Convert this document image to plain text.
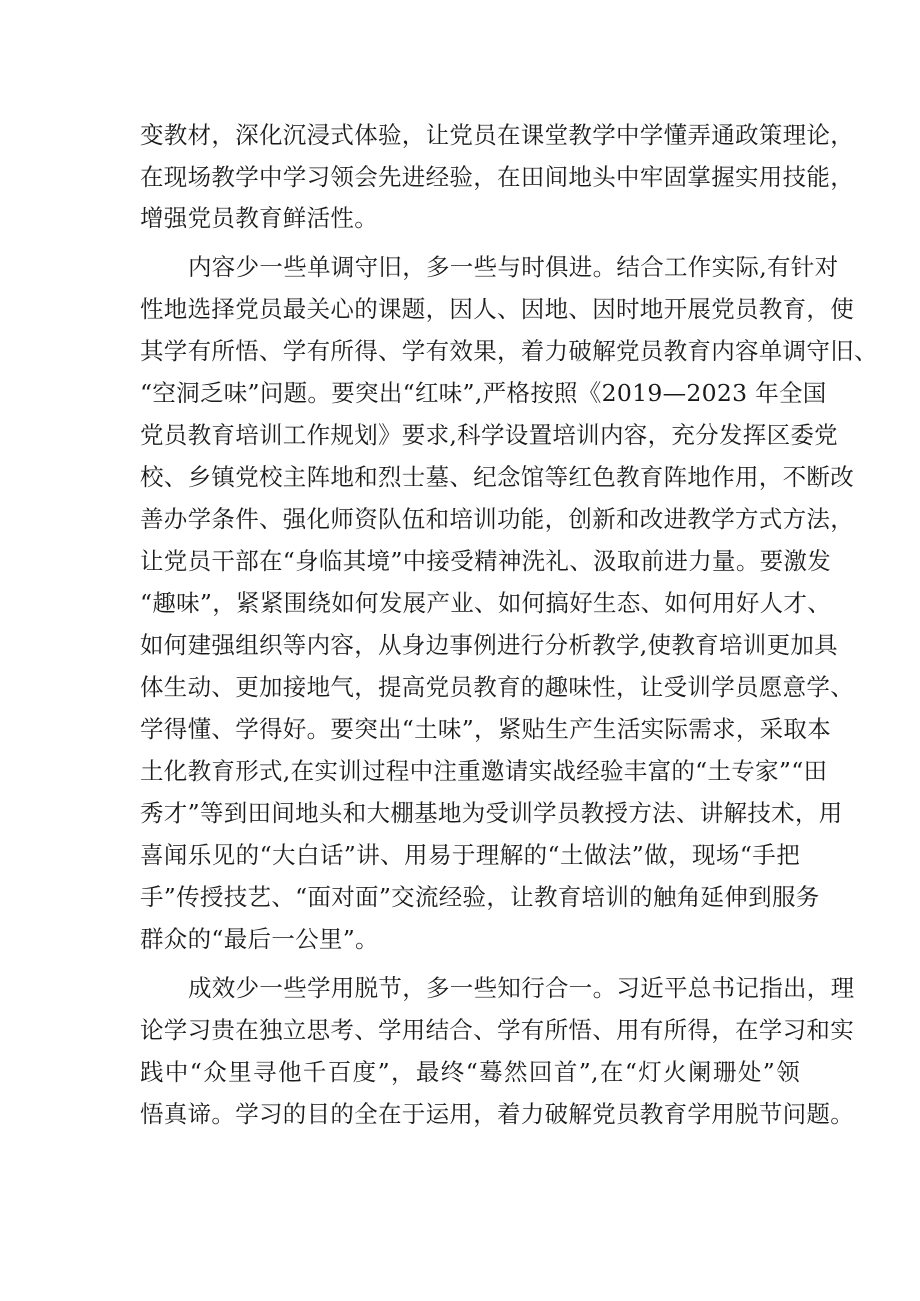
变教材，深化沉浸式体验，让党员在课堂教学中学懂弄通政策理论，
在现场教学中学习领会先进经验，在田间地头中牢固掌握实用技能，
增强党员教育鲜活性。
内容少一些单调守旧，多一些与时俱进。结合工作实际,有针对
性地选择党员最关心的课题，因人、因地、因时地开展党员教育，使
其学有所悟、学有所得、学有效果，着力破解党员教育内容单调守旧、
“空洞乏味”问题。要突出“红味”,严格按照《2019—2023 年全国
党员教育培训工作规划》要求,科学设置培训内容，充分发挥区委党
校、乡镇党校主阵地和烈士墓、纪念馆等红色教育阵地作用，不断改
善办学条件、强化师资队伍和培训功能，创新和改进教学方式方法，
让党员干部在“身临其境”中接受精神洗礼、汲取前进力量。要激发
“趣味”，紧紧围绕如何发展产业、如何搞好生态、如何用好人才、
如何建强组织等内容，从身边事例进行分析教学,使教育培训更加具
体生动、更加接地气，提高党员教育的趣味性，让受训学员愿意学、
学得懂、学得好。要突出“土味”，紧贴生产生活实际需求，采取本
土化教育形式,在实训过程中注重邀请实战经验丰富的“土专家”“田
秀才”等到田间地头和大棚基地为受训学员教授方法、讲解技术，用
喜闻乐见的“大白话”讲、用易于理解的“土做法”做，现场“手把
手”传授技艺、“面对面”交流经验，让教育培训的触角延伸到服务
群众的“最后一公里”。
成效少一些学用脱节，多一些知行合一。习近平总书记指出，理
论学习贵在独立思考、学用结合、学有所悟、用有所得，在学习和实
践中“众里寻他千百度”，最终“蓦然回首”,在“灯火阑珊处”领
悟真谛。学习的目的全在于运用，着力破解党员教育学用脱节问题。
